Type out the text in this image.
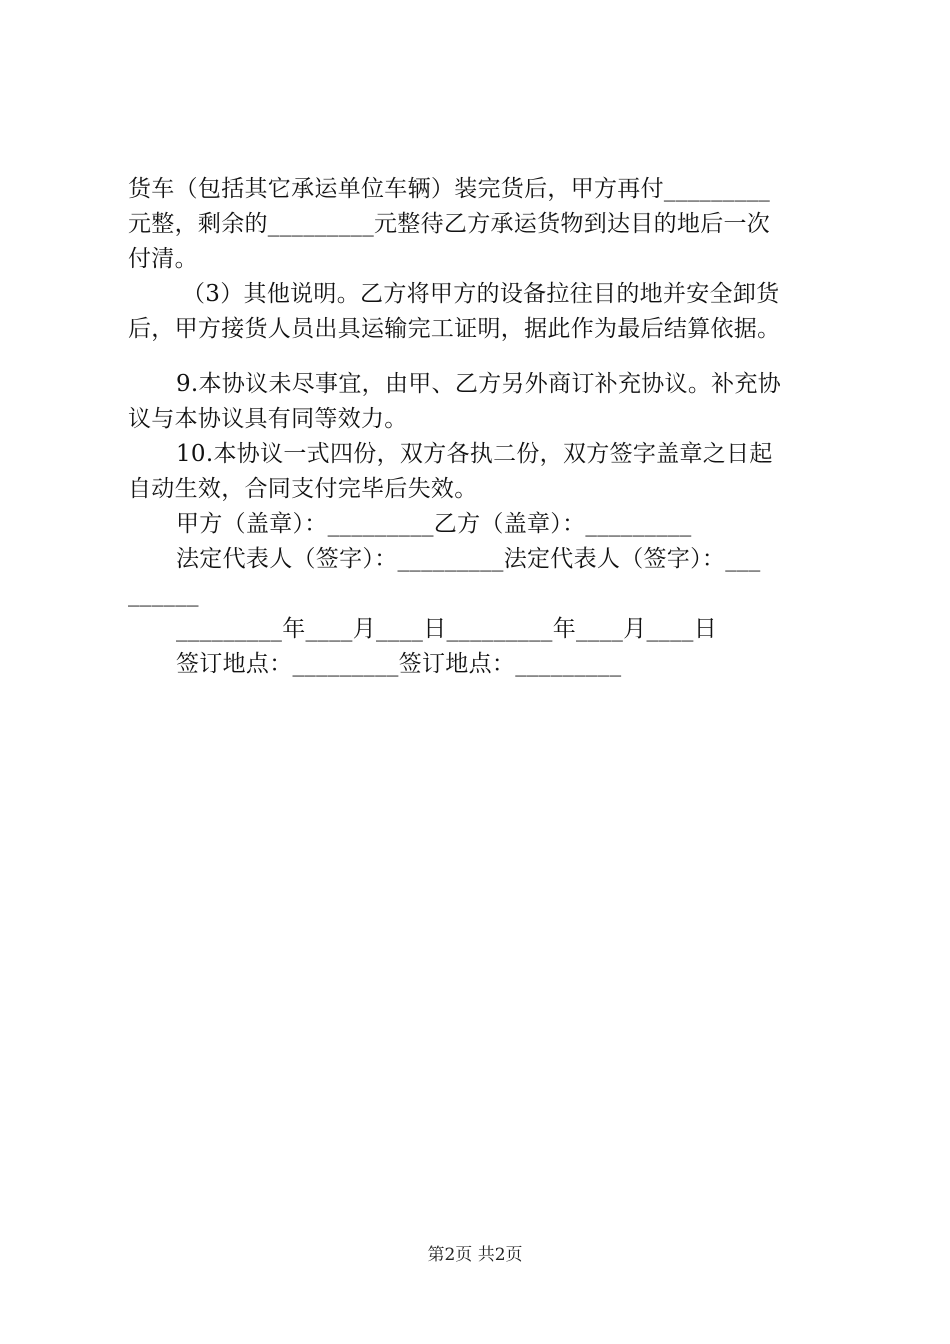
货车（包括其它承运单位车辆）装完货后，甲方再付_________
元整，剩余的_________元整待乙方承运货物到达目的地后一次
付清。
（3）其他说明。乙方将甲方的设备拉往目的地并安全卸货
后，甲方接货人员出具运输完工证明，据此作为最后结算依据。
9.本协议未尽事宜，由甲、乙方另外商订补充协议。补充协
议与本协议具有同等效力。
10.本协议一式四份，双方各执二份，双方签字盖章之日起
自动生效，合同支付完毕后失效。
甲方（盖章）：_________乙方（盖章）：_________
法定代表人（签字）：_________法定代表人（签字）：___
______
_________年____月____日_________年____月____日
签订地点：_________签订地点：_________
第2页 共2页
